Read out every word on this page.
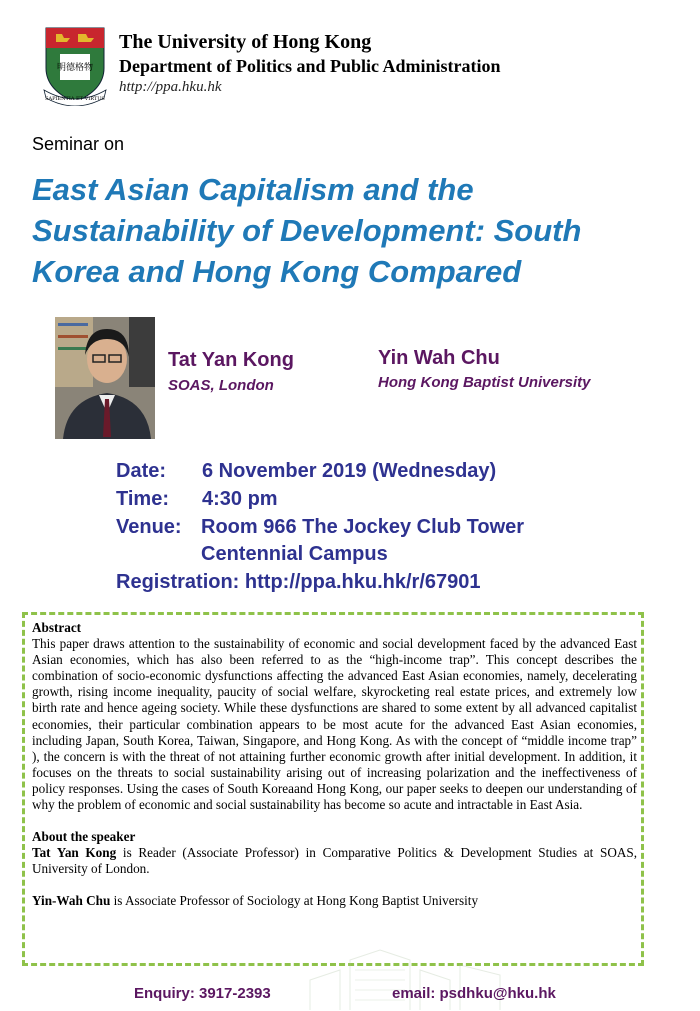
明德格物
SAPIENTIA ET VIRTUS
The University of Hong Kong
Department of Politics and Public Administration
http://ppa.hku.hk
Seminar on
East Asian Capitalism and the Sustainability of Development: South Korea and Hong Kong Compared
Tat Yan Kong
SOAS, London
Yin Wah Chu
Hong Kong Baptist University
Date: 6 November 2019 (Wednesday)
Time: 4:30 pm
Venue: Room 966 The Jockey Club Tower
Centennial Campus
Registration: http://ppa.hku.hk/r/67901

Abstract

This paper draws attention to the sustainability of economic and social development faced by the advanced East Asian economies, which has also been referred to as the “high-income trap”. This concept describes the combination of socio-economic dysfunctions affecting the advanced East Asian economies, namely, decelerating growth, rising income inequality, paucity of social welfare, skyrocketing real estate prices, and extremely low birth rate and hence ageing society. While these dysfunctions are shared to some extent by all advanced capitalist economies, their particular combination appears to be most acute for the advanced East Asian economies, including Japan, South Korea, Taiwan, Singapore, and Hong Kong. As with the concept of “middle income trap” ), the concern is with the threat of not attaining further economic growth after initial development. In addition, it focuses on the threats to social sustainability arising out of increasing polarization and the ineffectiveness of policy responses. Using the cases of South Koreaand Hong Kong, our paper seeks to deepen our understanding of why the problem of economic and social sustainability has become so acute and intractable in East Asia.

About the speaker

Tat Yan Kong is Reader (Associate Professor) in Comparative Politics & Development Studies at SOAS, University of London.

Yin-Wah Chu is Associate Professor of Sociology at Hong Kong Baptist University

Enquiry: 3917-2393	email: psdhku@hku.hk
